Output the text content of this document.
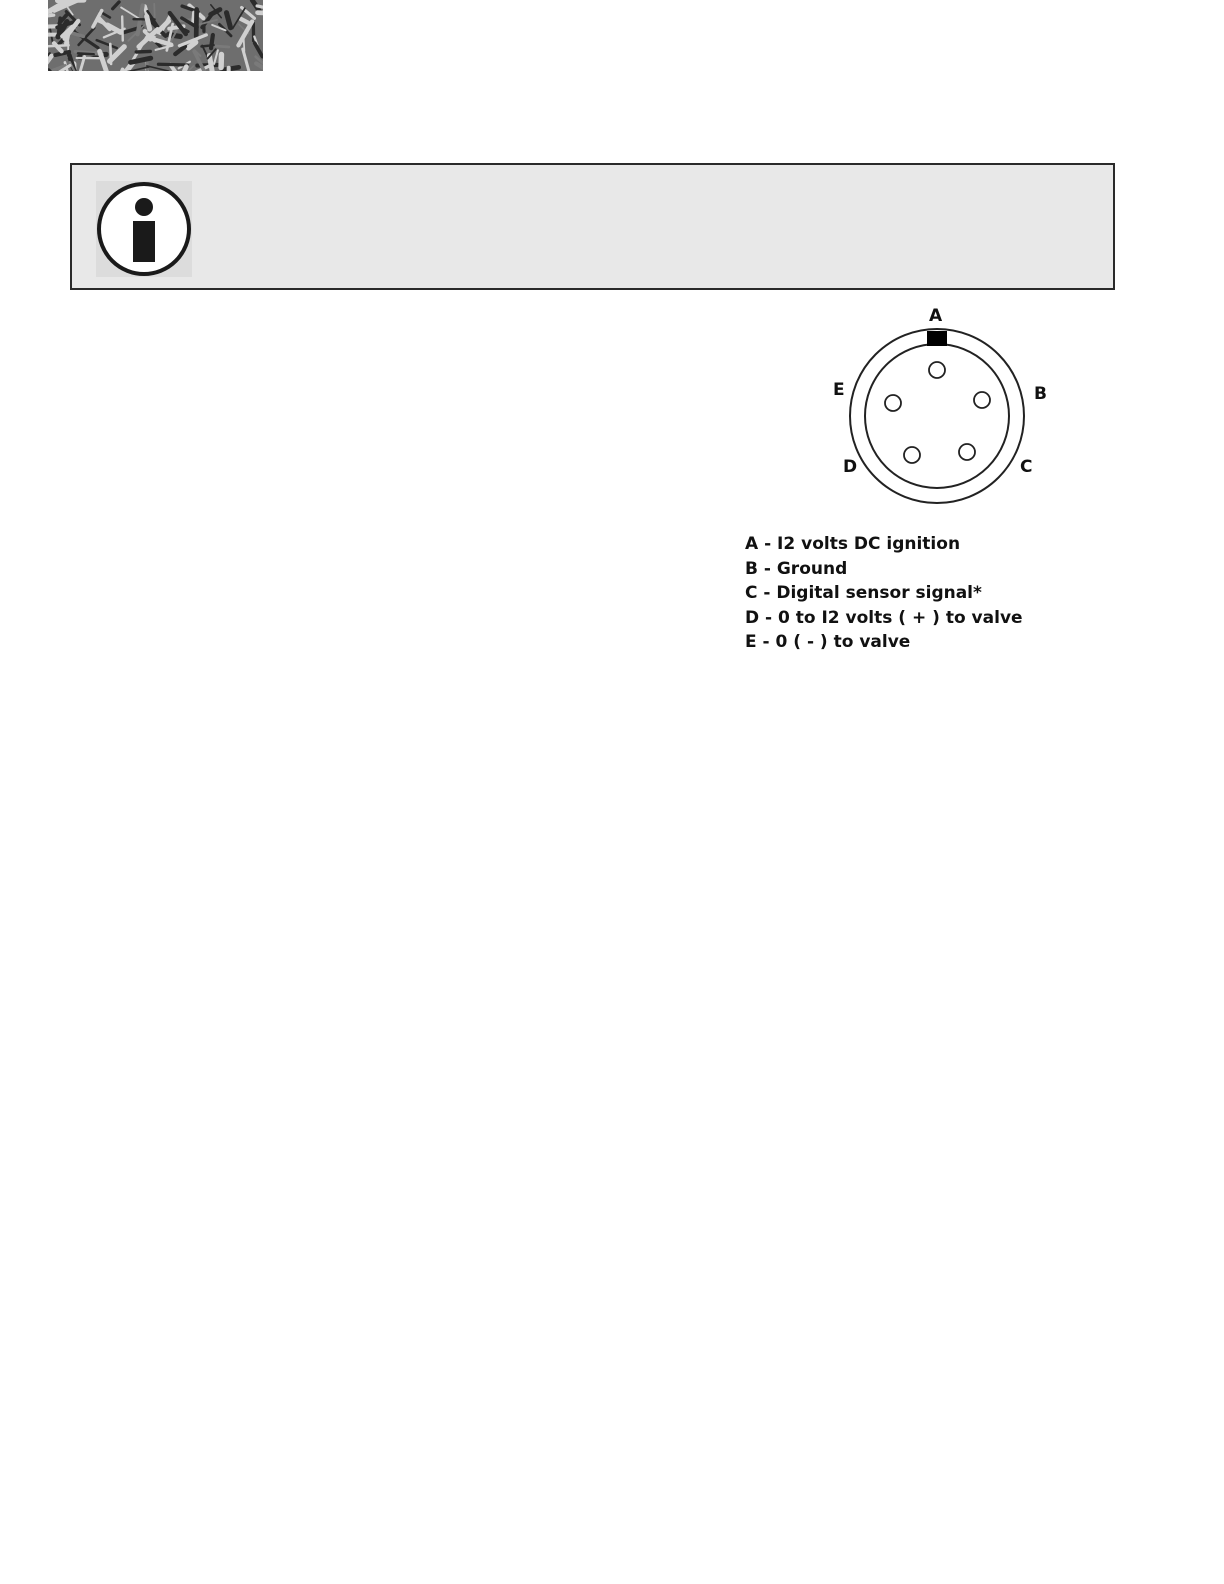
A
B
C
D
E
A - I2 volts DC ignition
B - Ground
C - Digital sensor signal*
D - 0 to I2 volts ( + ) to valve
E - 0 ( - ) to valve
